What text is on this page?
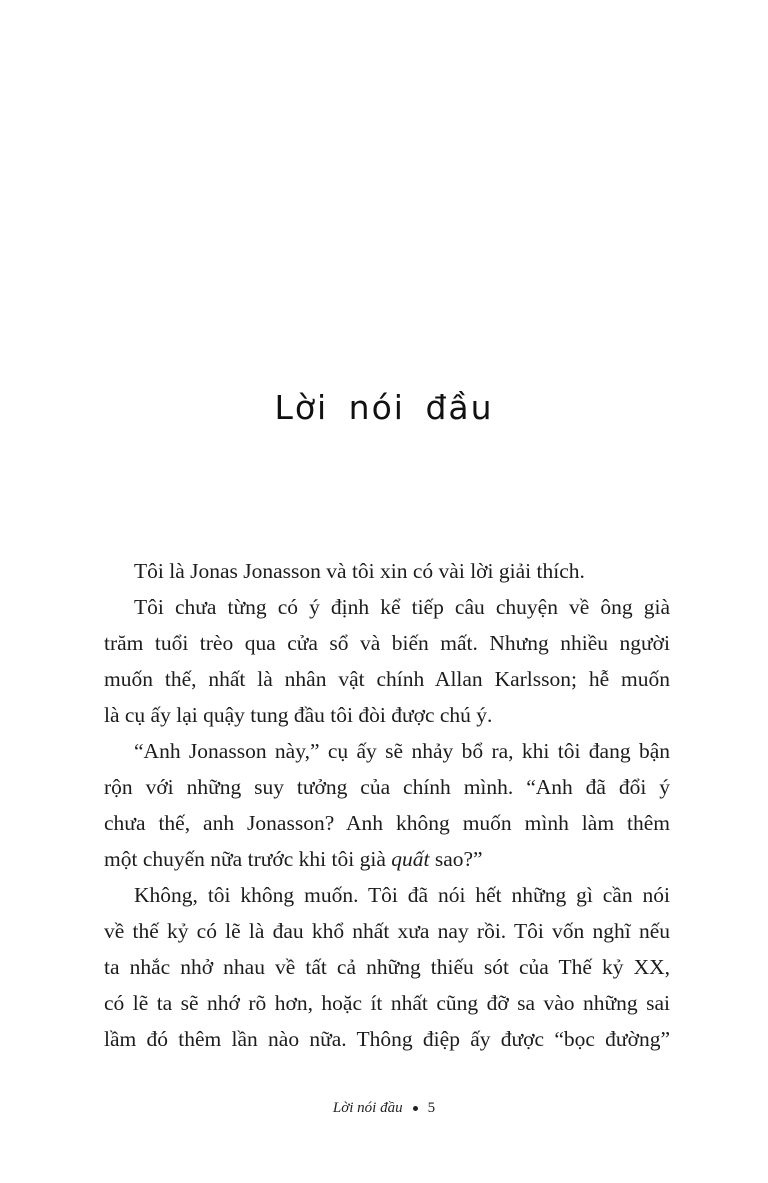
Lời nói đầu
Tôi là Jonas Jonasson và tôi xin có vài lời giải thích.
Tôi chưa từng có ý định kể tiếp câu chuyện về ông già
trăm tuổi trèo qua cửa sổ và biến mất. Nhưng nhiều người
muốn thế, nhất là nhân vật chính Allan Karlsson; hễ muốn
là cụ ấy lại quậy tung đầu tôi đòi được chú ý.
“Anh Jonasson này,” cụ ấy sẽ nhảy bổ ra, khi tôi đang bận
rộn với những suy tưởng của chính mình. “Anh đã đổi ý
chưa thế, anh Jonasson? Anh không muốn mình làm thêm
một chuyến nữa trước khi tôi già quất sao?”
Không, tôi không muốn. Tôi đã nói hết những gì cần nói
về thế kỷ có lẽ là đau khổ nhất xưa nay rồi. Tôi vốn nghĩ nếu
ta nhắc nhở nhau về tất cả những thiếu sót của Thế kỷ XX,
có lẽ ta sẽ nhớ rõ hơn, hoặc ít nhất cũng đỡ sa vào những sai
lầm đó thêm lần nào nữa. Thông điệp ấy được “bọc đường”
Lời nói đầu 5
